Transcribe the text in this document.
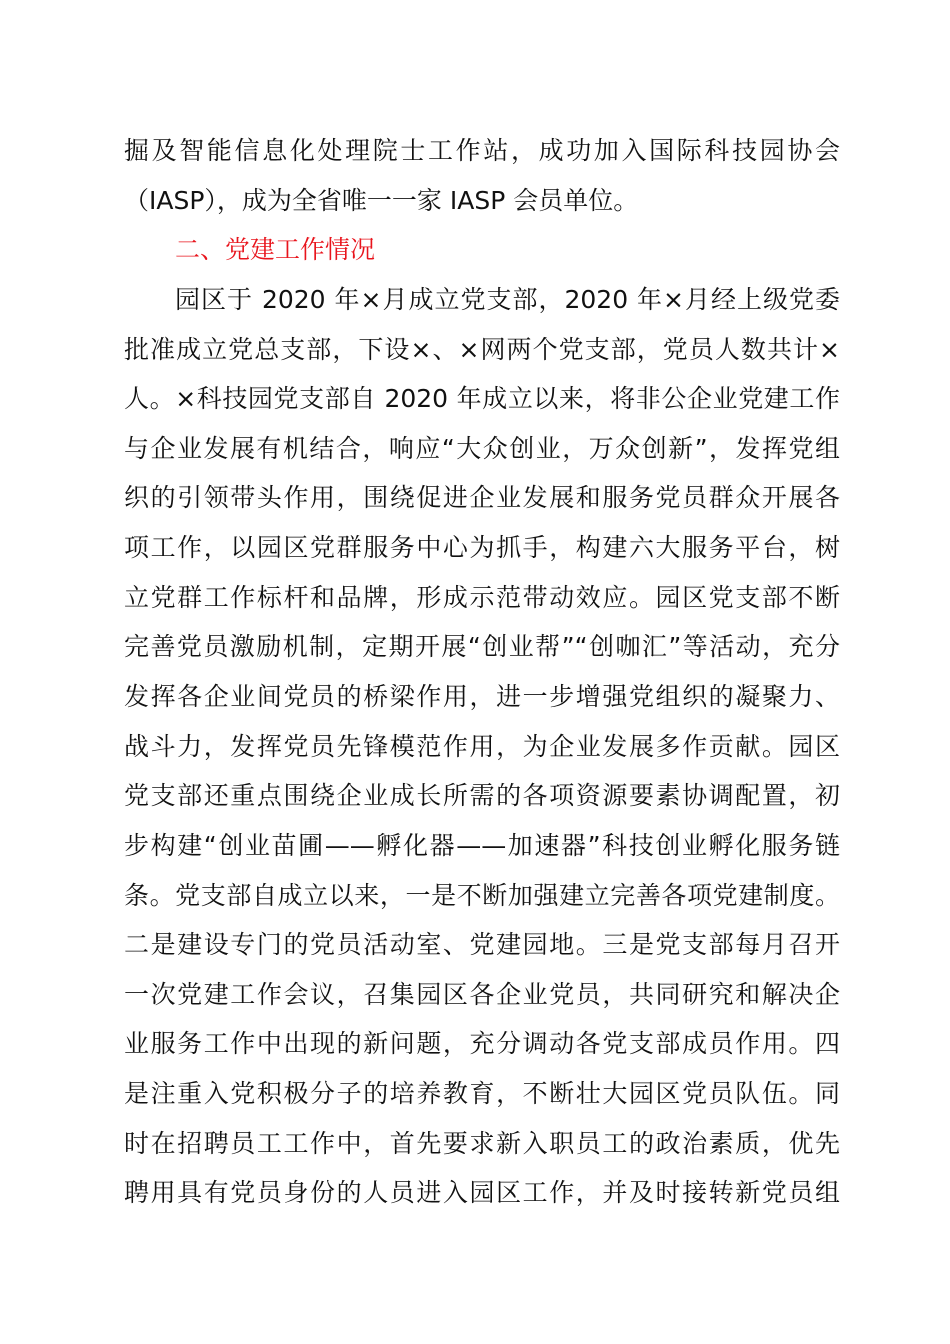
掘及智能信息化处理院士工作站，成功加入国际科技园协会
（IASP），成为全省唯一一家 IASP 会员单位。
二、党建工作情况
园区于 2020 年×月成立党支部，2020 年×月经上级党委
批准成立党总支部，下设×、×网两个党支部，党员人数共计×
人。×科技园党支部自 2020 年成立以来，将非公企业党建工作
与企业发展有机结合，响应“大众创业，万众创新”，发挥党组
织的引领带头作用，围绕促进企业发展和服务党员群众开展各
项工作，以园区党群服务中心为抓手，构建六大服务平台，树
立党群工作标杆和品牌，形成示范带动效应。园区党支部不断
完善党员激励机制，定期开展“创业帮”“创咖汇”等活动，充分
发挥各企业间党员的桥梁作用，进一步增强党组织的凝聚力、
战斗力，发挥党员先锋模范作用，为企业发展多作贡献。园区
党支部还重点围绕企业成长所需的各项资源要素协调配置，初
步构建“创业苗圃——孵化器——加速器”科技创业孵化服务链
条。党支部自成立以来，一是不断加强建立完善各项党建制度。
二是建设专门的党员活动室、党建园地。三是党支部每月召开
一次党建工作会议，召集园区各企业党员，共同研究和解决企
业服务工作中出现的新问题，充分调动各党支部成员作用。四
是注重入党积极分子的培养教育，不断壮大园区党员队伍。同
时在招聘员工工作中，首先要求新入职员工的政治素质，优先
聘用具有党员身份的人员进入园区工作，并及时接转新党员组
